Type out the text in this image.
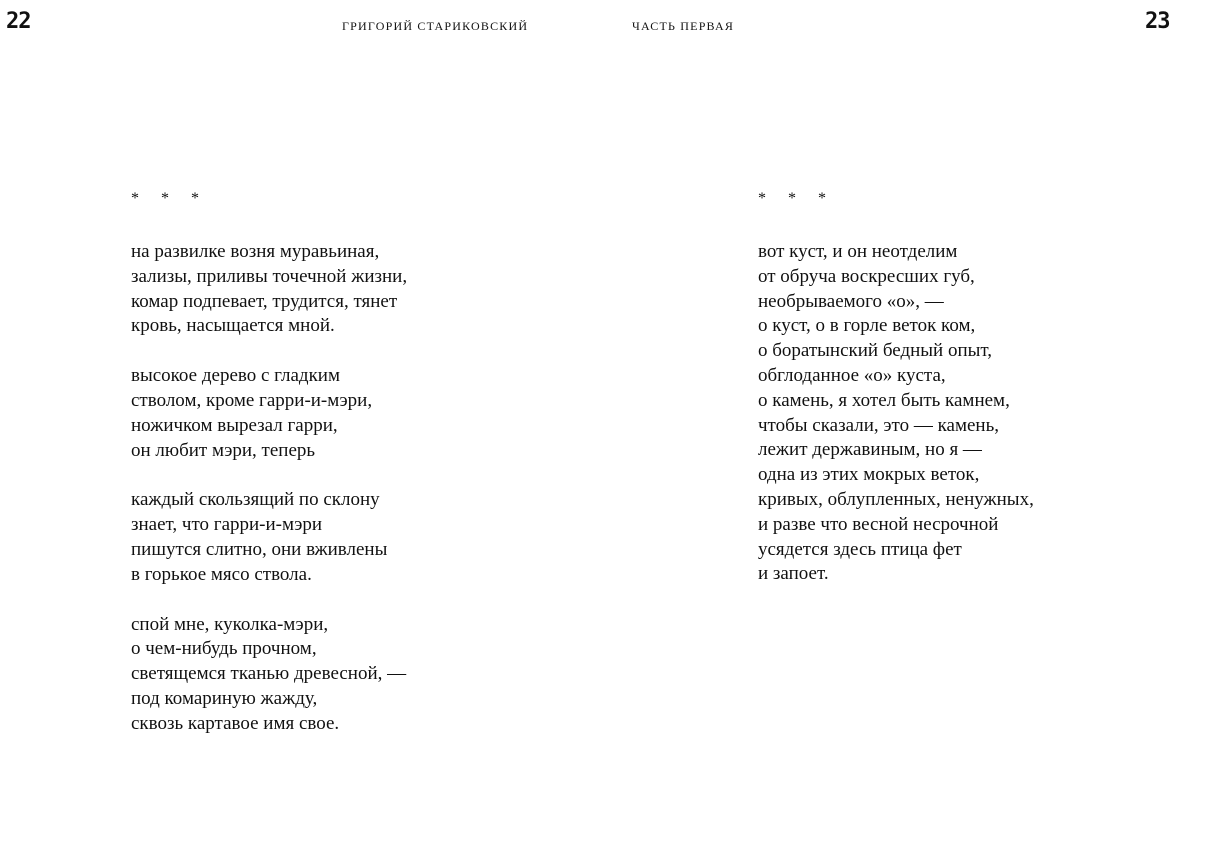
22	ГРИГОРИЙ СТАРИКОВСКИЙ	ЧАСТЬ ПЕРВАЯ	23
* * *
на развилке возня муравьиная,
зализы, приливы точечной жизни,
комар подпевает, трудится, тянет
кровь, насыщается мной.
высокое дерево с гладким
стволом, кроме гарри-и-мэри,
ножичком вырезал гарри,
он любит мэри, теперь
каждый скользящий по склону
знает, что гарри-и-мэри
пишутся слитно, они вживлены
в горькое мясо ствола.
спой мне, куколка-мэри,
о чем-нибудь прочном,
светящемся тканью древесной, —
под комариную жажду,
сквозь картавое имя свое.
* * *
вот куст, и он неотделим
от обруча воскресших губ,
необрываемого «о», —
о куст, о в горле веток ком,
о боратынский бедный опыт,
обглоданное «о» куста,
о камень, я хотел быть камнем,
чтобы сказали, это — камень,
лежит державиным, но я —
одна из этих мокрых веток,
кривых, облупленных, ненужных,
и разве что весной несрочной
усядется здесь птица фет
и запоет.
